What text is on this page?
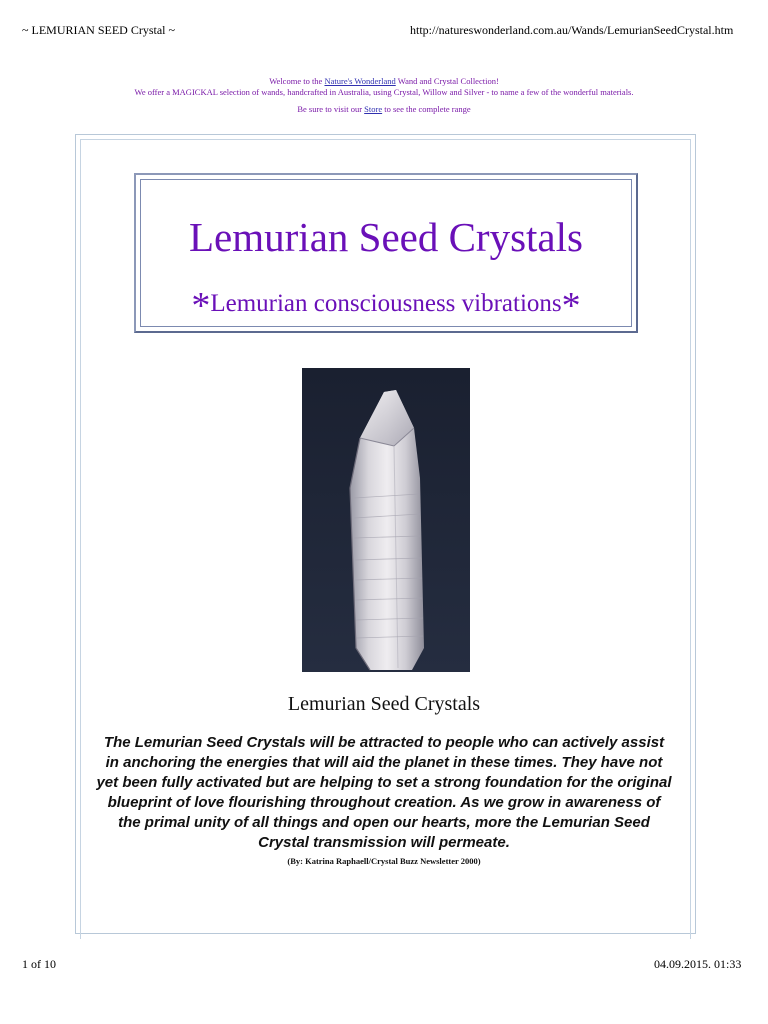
~ LEMURIAN SEED Crystal ~	http://natureswonderland.com.au/Wands/LemurianSeedCrystal.htm
Welcome to the Nature's Wonderland Wand and Crystal Collection!
We offer a MAGICKAL selection of wands, handcrafted in Australia, using Crystal, Willow and Silver - to name a few of the wonderful materials.
Be sure to visit our Store to see the complete range
Lemurian Seed Crystals
*Lemurian consciousness vibrations*
Lemurian Seed Crystals
The Lemurian Seed Crystals will be attracted to people who can actively assist in anchoring the energies that will aid the planet in these times. They have not yet been fully activated but are helping to set a strong foundation for the original blueprint of love flourishing throughout creation. As we grow in awareness of the primal unity of all things and open our hearts, more the Lemurian Seed Crystal transmission will permeate.
(By: Katrina Raphaell/Crystal Buzz Newsletter 2000)
1 of 10	04.09.2015. 01:33
